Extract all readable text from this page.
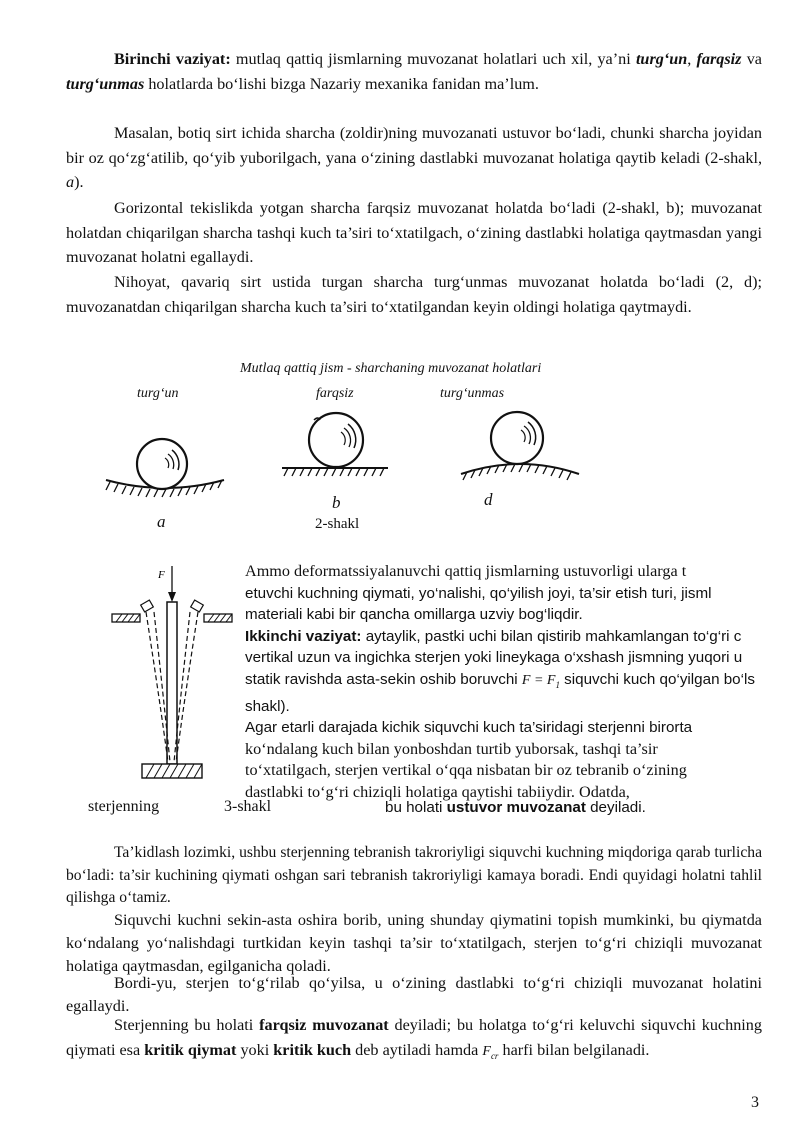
Birinchi vaziyat: mutlaq qattiq jismlarning muvozanat holatlari uch xil, ya’ni turg‘un, farqsiz va turg‘unmas holatlarda bo‘lishi bizga Nazariy mexanika fanidan ma’lum.

Masalan, botiq sirt ichida sharcha (zoldir)ning muvozanati ustuvor bo‘ladi, chunki sharcha joyidan bir oz qo‘zg‘atilib, qo‘yib yuborilgach, yana o‘zining dastlabki muvozanat holatiga qaytib keladi (2-shakl, a).

Gorizontal tekislikda yotgan sharcha farqsiz muvozanat holatda bo‘ladi (2-shakl, b); muvozanat holatdan chiqarilgan sharcha tashqi kuch ta’siri to‘xtatilgach, o‘zining dastlabki holatiga qaytmasdan yangi muvozanat holatni egallaydi.

Nihoyat, qavariq sirt ustida turgan sharcha turg‘unmas muvozanat holatda bo‘ladi (2, d); muvozanatdan chiqarilgan sharcha kuch ta’siri to‘xtatilgandan keyin oldingi holatiga qaytmaydi.

Mutlaq qattiq jism - sharchaning muvozanat holatlari
turg‘un	farqsiz	turg‘unmas
b	d
a	2-shakl
F	Ammo deformatssiyalanuvchi qattiq jismlarning ustuvorligi ularga t
etuvchi kuchning qiymati, yo‘nalishi, qo‘yilish joyi, ta’sir etish turi, jisml
materiali kabi bir qancha omillarga uzviy bog‘liqdir.
Ikkinchi vaziyat: aytaylik, pastki uchi bilan qistirib mahkamlangan to‘g‘ri c
vertikal uzun va ingichka sterjen yoki lineykaga o‘xshash jismning yuqori u
statik ravishda asta-sekin oshib boruvchi $F = F_1$ siquvchi kuch qo‘yilgan bo‘ls
shakl).
Agar etarli darajada kichik siquvchi kuch ta’siridagi sterjenni birorta
ko‘ndalang kuch bilan yonboshdan turtib yuborsak, tashqi ta’sir
to‘xtatilgach, sterjen vertikal o‘qqa nisbatan bir oz tebranib o‘zining
dastlabki to‘g‘ri chiziqli holatiga qaytishi tabiiydir. Odatda,
sterjenning	3-shakl	bu holati ustuvor muvozanat deyiladi.

Ta’kidlash lozimki, ushbu sterjenning tebranish takroriyligi siquvchi kuchning miqdoriga qarab turlicha bo‘ladi: ta’sir kuchining qiymati oshgan sari tebranish takroriyligi kamaya boradi. Endi quyidagi holatni tahlil qilishga o‘tamiz.

Siquvchi kuchni sekin-asta oshira borib, uning shunday qiymatini topish mumkinki, bu qiymatda ko‘ndalang yo‘nalishdagi turtkidan keyin tashqi ta’sir to‘xtatilgach, sterjen to‘g‘ri chiziqli muvozanat holatiga qaytmasdan, egilganicha qoladi.

Bordi-yu, sterjen to‘g‘rilab qo‘yilsa, u o‘zining dastlabki to‘g‘ri chiziqli muvozanat holatini egallaydi.

Sterjenning bu holati farqsiz muvozanat deyiladi; bu holatga to‘g‘ri keluvchi siquvchi kuchning qiymati esa kritik qiymat yoki kritik kuch deb aytiladi hamda $F_{cr}$ harfi bilan belgilanadi.

3
